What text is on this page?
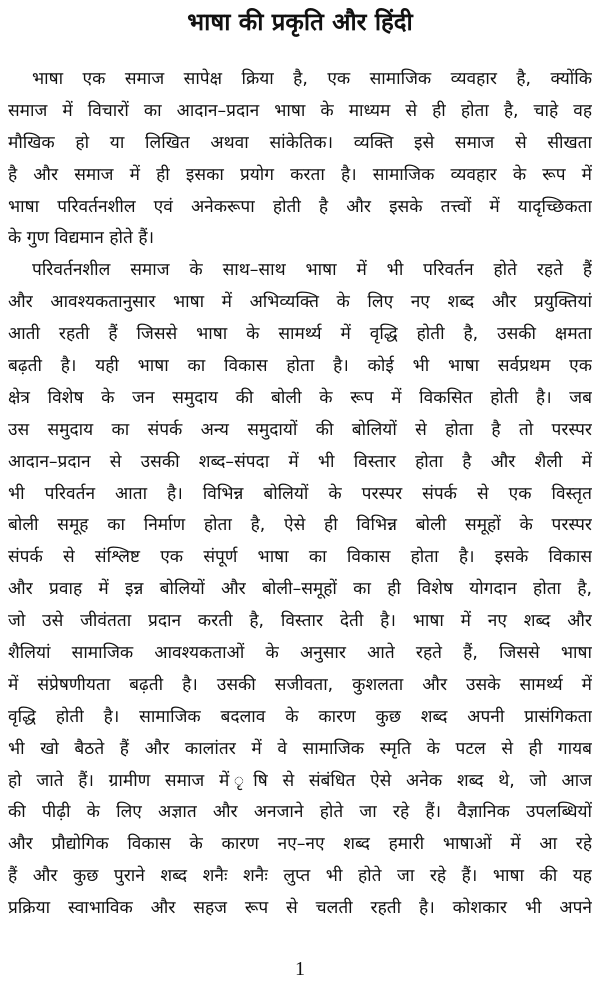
भाषा की प्रकृति और हिंदी
भाषा एक समाज सापेक्ष क्रिया है, एक सामाजिक व्यवहार है, क्योंकि
समाज में विचारों का आदान–प्रदान भाषा के माध्यम से ही होता है, चाहे वह
मौखिक हो या लिखित अथवा सांकेतिक। व्यक्ति इसे समाज से सीखता
है और समाज में ही इसका प्रयोग करता है। सामाजिक व्यवहार के रूप में
भाषा परिवर्तनशील एवं अनेकरूपा होती है और इसके तत्त्वों में यादृच्छिकता
के गुण विद्यमान होते हैं।
परिवर्तनशील समाज के साथ–साथ भाषा में भी परिवर्तन होते रहते हैं
और आवश्यकतानुसार भाषा में अभिव्यक्ति के लिए नए शब्द और प्रयुक्तियां
आती रहती हैं जिससे भाषा के सामर्थ्य में वृद्धि होती है, उसकी क्षमता
बढ़ती है। यही भाषा का विकास होता है। कोई भी भाषा सर्वप्रथम एक
क्षेत्र विशेष के जन समुदाय की बोली के रूप में विकसित होती है। जब
उस समुदाय का संपर्क अन्य समुदायों की बोलियों से होता है तो परस्पर
आदान–प्रदान से उसकी शब्द–संपदा में भी विस्तार होता है और शैली में
भी परिवर्तन आता है। विभिन्न बोलियों के परस्पर संपर्क से एक विस्तृत
बोली समूह का निर्माण होता है, ऐसे ही विभिन्न बोली समूहों के परस्पर
संपर्क से संश्लिष्ट एक संपूर्ण भाषा का विकास होता है। इसके विकास
और प्रवाह में इन्न बोलियों और बोली–समूहों का ही विशेष योगदान होता है,
जो उसे जीवंतता प्रदान करती है, विस्तार देती है। भाषा में नए शब्द और
शैलियां सामाजिक आवश्यकताओं के अनुसार आते रहते हैं, जिससे भाषा
में संप्रेषणीयता बढ़ती है। उसकी सजीवता, कुशलता और उसके सामर्थ्य में
वृद्धि होती है। सामाजिक बदलाव के कारण कुछ शब्द अपनी प्रासंगिकता
भी खो बैठते हैं और कालांतर में वे सामाजिक स्मृति के पटल से ही गायब
हो जाते हैं। ग्रामीण समाज में ृषि से संबंधित ऐसे अनेक शब्द थे, जो आज
की पीढ़ी के लिए अज्ञात और अनजाने होते जा रहे हैं। वैज्ञानिक उपलब्धियों
और प्रौद्योगिक विकास के कारण नए–नए शब्द हमारी भाषाओं में आ रहे
हैं और कुछ पुराने शब्द शनैः शनैः लुप्त भी होते जा रहे हैं। भाषा की यह
प्रक्रिया स्वाभाविक और सहज रूप से चलती रहती है। कोशकार भी अपने
1
